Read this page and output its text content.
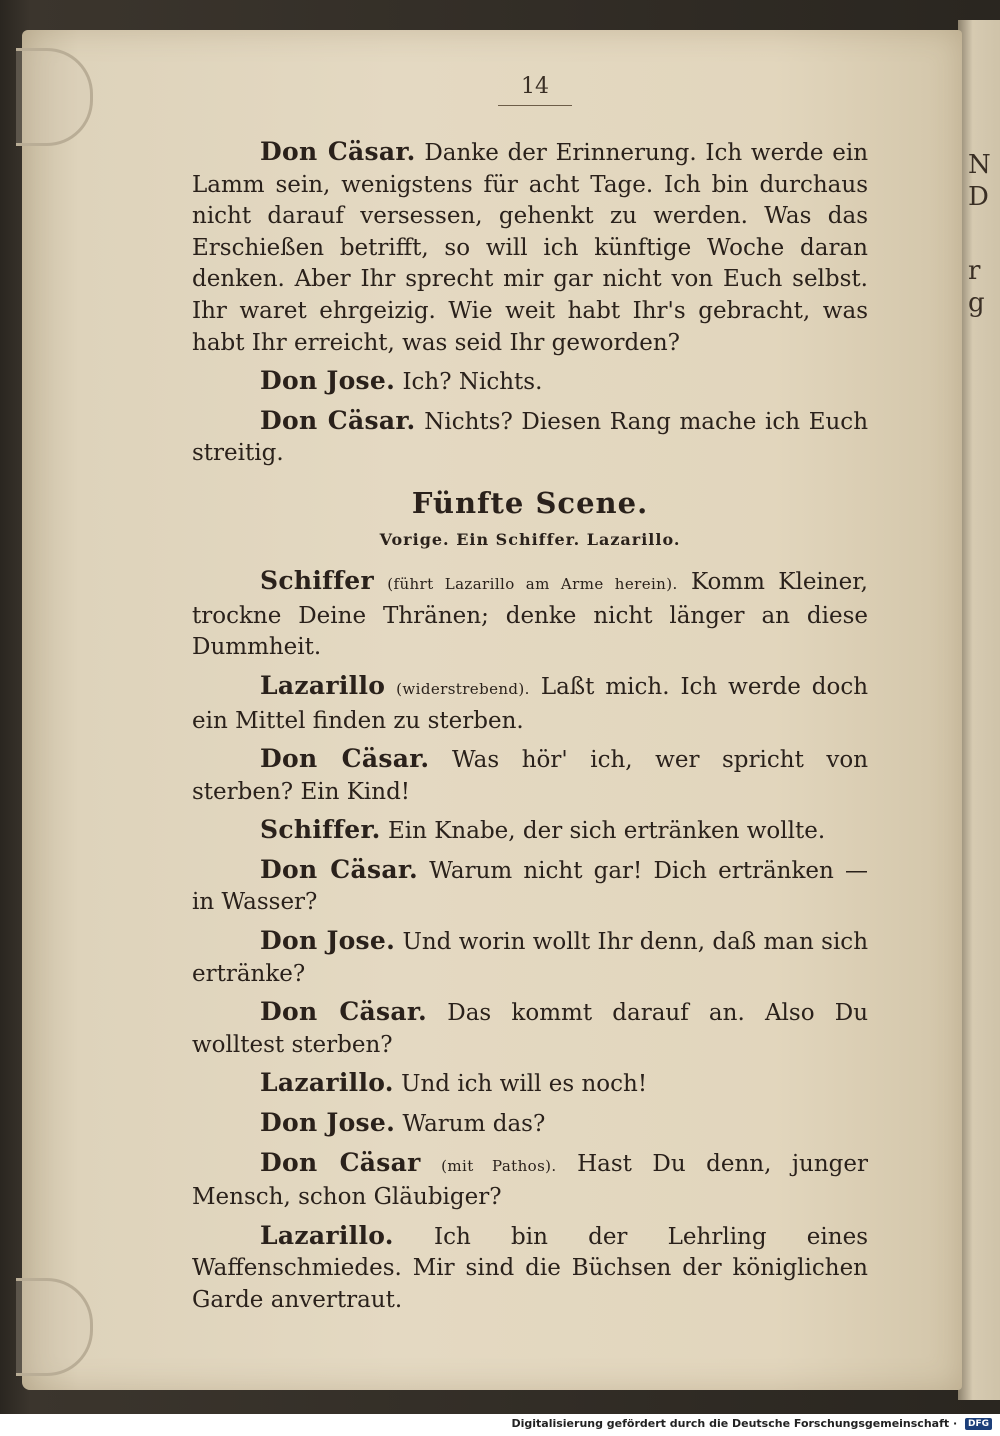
N
D
r
g
14

Don Cäsar. Danke der Erinnerung. Ich werde ein Lamm sein, wenigstens für acht Tage. Ich bin durchaus nicht darauf versessen, gehenkt zu werden. Was das Erschießen betrifft, so will ich künftige Woche daran denken. Aber Ihr sprecht mir gar nicht von Euch selbst. Ihr waret ehrgeizig. Wie weit habt Ihr's gebracht, was habt Ihr erreicht, was seid Ihr geworden?

Don Jose. Ich? Nichts.

Don Cäsar. Nichts? Diesen Rang mache ich Euch streitig.

Fünfte Scene.
Vorige. Ein Schiffer. Lazarillo.

Schiffer (führt Lazarillo am Arme herein). Komm Kleiner, trockne Deine Thränen; denke nicht länger an diese Dummheit.

Lazarillo (widerstrebend). Laßt mich. Ich werde doch ein Mittel finden zu sterben.

Don Cäsar. Was hör' ich, wer spricht von sterben? Ein Kind!

Schiffer. Ein Knabe, der sich ertränken wollte.

Don Cäsar. Warum nicht gar! Dich ertränken — in Wasser?

Don Jose. Und worin wollt Ihr denn, daß man sich ertränke?

Don Cäsar. Das kommt darauf an. Also Du wolltest sterben?

Lazarillo. Und ich will es noch!

Don Jose. Warum das?

Don Cäsar (mit Pathos). Hast Du denn, junger Mensch, schon Gläubiger?

Lazarillo. Ich bin der Lehrling eines Waffenschmiedes. Mir sind die Büchsen der königlichen Garde anvertraut.

Digitalisierung gefördert durch die Deutsche Forschungsgemeinschaft · DFG
